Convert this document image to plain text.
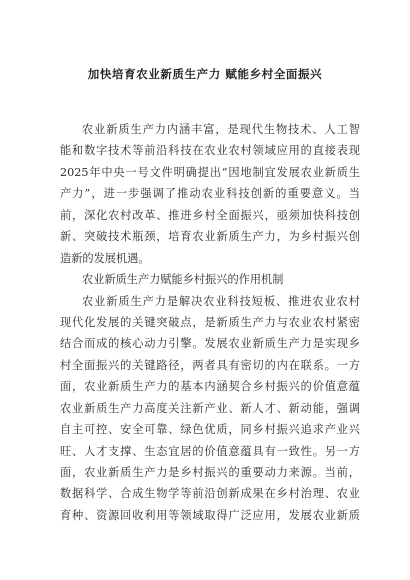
加快培育农业新质生产力 赋能乡村全面振兴
农业新质生产力内涵丰富，是现代生物技术、人工智
能和数字技术等前沿科技在农业农村领域应用的直接表现
2025年中央一号文件明确提出“因地制宜发展农业新质生
产力”，进一步强调了推动农业科技创新的重要意义。当
前，深化农村改革、推进乡村全面振兴，亟须加快科技创
新、突破技术瓶颈，培育农业新质生产力，为乡村振兴创
造新的发展机遇。
农业新质生产力赋能乡村振兴的作用机制
农业新质生产力是解决农业科技短板、推进农业农村
现代化发展的关键突破点，是新质生产力与农业农村紧密
结合而成的核心动力引擎。发展农业新质生产力是实现乡
村全面振兴的关键路径，两者具有密切的内在联系。一方
面，农业新质生产力的基本内涵契合乡村振兴的价值意蕴
农业新质生产力高度关注新产业、新人才、新动能，强调
自主可控、安全可靠、绿色优质，同乡村振兴追求产业兴
旺、人才支撑、生态宜居的价值意蕴具有一致性。另一方
面，农业新质生产力是乡村振兴的重要动力来源。当前，
数据科学、合成生物学等前沿创新成果在乡村治理、农业
育种、资源回收利用等领域取得广泛应用，发展农业新质
